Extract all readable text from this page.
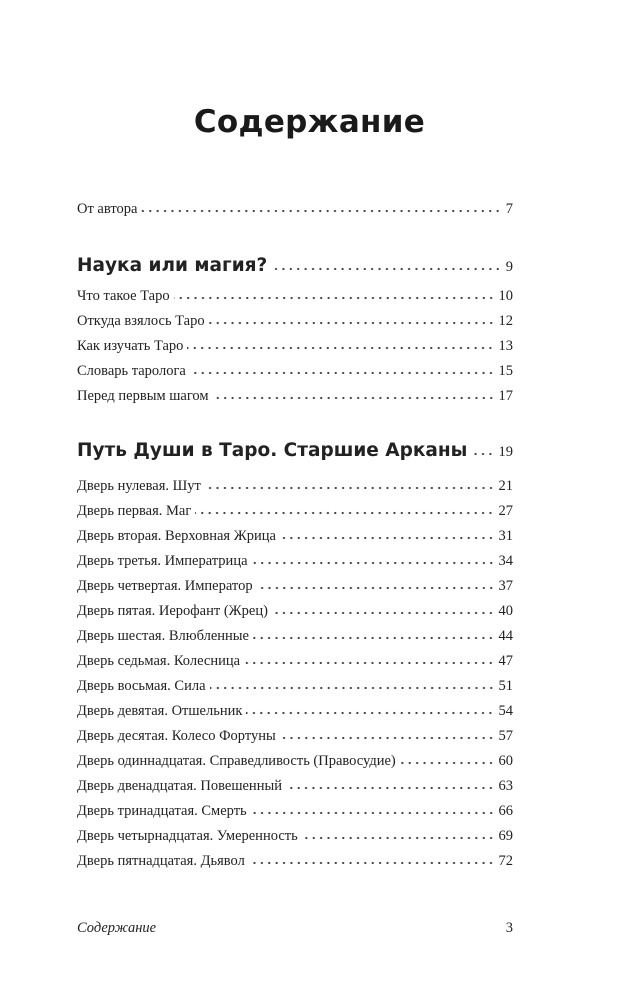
Содержание
От автора	7
Наука или магия?	9
Что такое Таро	10
Откуда взялось Таро	12
Как изучать Таро	13
Словарь таролога	15
Перед первым шагом	17
Путь Души в Таро. Старшие Арканы 19
Дверь нулевая. Шут	21
Дверь первая. Маг	27
Дверь вторая. Верховная Жрица	31
Дверь третья. Императрица	34
Дверь четвертая. Император	37
Дверь пятая. Иерофант (Жрец)	40
Дверь шестая. Влюбленные	44
Дверь седьмая. Колесница	47
Дверь восьмая. Сила	51
Дверь девятая. Отшельник	54
Дверь десятая. Колесо Фортуны	57
Дверь одиннадцатая. Справедливость (Правосудие)	60
Дверь двенадцатая. Повешенный	63
Дверь тринадцатая. Смерть	66
Дверь четырнадцатая. Умеренность	69
Дверь пятнадцатая. Дьявол	72
Содержание	3
